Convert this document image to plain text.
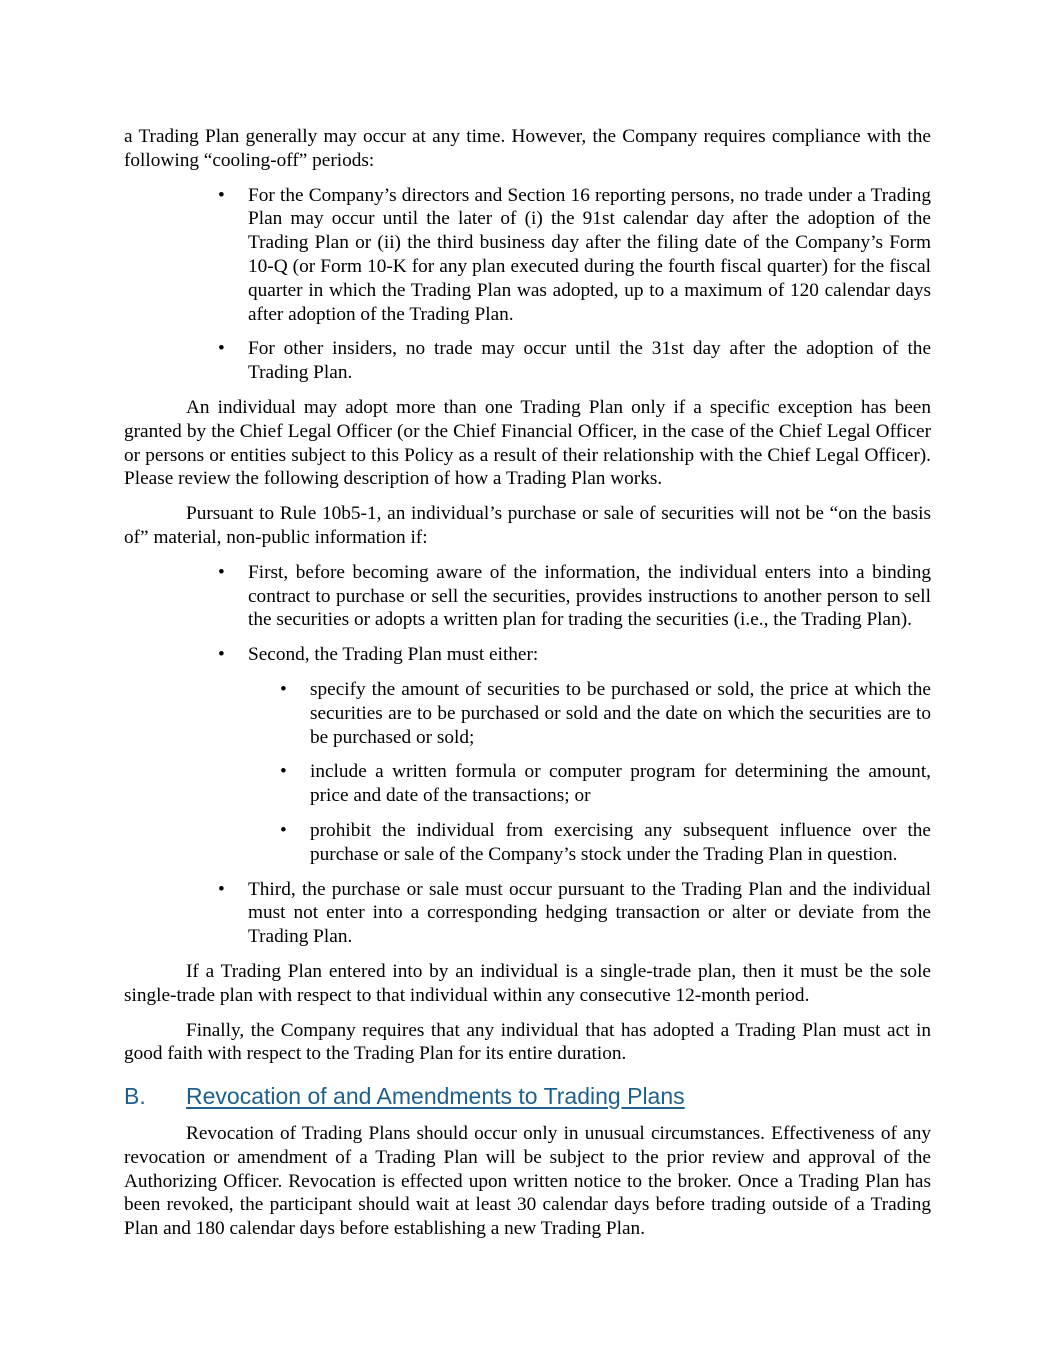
a Trading Plan generally may occur at any time. However, the Company requires compliance with the following “cooling-off” periods:

• For the Company’s directors and Section 16 reporting persons, no trade under a Trading Plan may occur until the later of (i) the 91st calendar day after the adoption of the Trading Plan or (ii) the third business day after the filing date of the Company’s Form 10-Q (or Form 10-K for any plan executed during the fourth fiscal quarter) for the fiscal quarter in which the Trading Plan was adopted, up to a maximum of 120 calendar days after adoption of the Trading Plan.
• For other insiders, no trade may occur until the 31st day after the adoption of the Trading Plan.

An individual may adopt more than one Trading Plan only if a specific exception has been granted by the Chief Legal Officer (or the Chief Financial Officer, in the case of the Chief Legal Officer or persons or entities subject to this Policy as a result of their relationship with the Chief Legal Officer). Please review the following description of how a Trading Plan works.

Pursuant to Rule 10b5-1, an individual’s purchase or sale of securities will not be “on the basis of” material, non-public information if:

• First, before becoming aware of the information, the individual enters into a binding contract to purchase or sell the securities, provides instructions to another person to sell the securities or adopts a written plan for trading the securities (i.e., the Trading Plan).
• Second, the Trading Plan must either:
• specify the amount of securities to be purchased or sold, the price at which the securities are to be purchased or sold and the date on which the securities are to be purchased or sold;
• include a written formula or computer program for determining the amount, price and date of the transactions; or
• prohibit the individual from exercising any subsequent influence over the purchase or sale of the Company’s stock under the Trading Plan in question.
• Third, the purchase or sale must occur pursuant to the Trading Plan and the individual must not enter into a corresponding hedging transaction or alter or deviate from the Trading Plan.

If a Trading Plan entered into by an individual is a single-trade plan, then it must be the sole single-trade plan with respect to that individual within any consecutive 12-month period.

Finally, the Company requires that any individual that has adopted a Trading Plan must act in good faith with respect to the Trading Plan for its entire duration.

B. Revocation of and Amendments to Trading Plans

Revocation of Trading Plans should occur only in unusual circumstances. Effectiveness of any revocation or amendment of a Trading Plan will be subject to the prior review and approval of the Authorizing Officer. Revocation is effected upon written notice to the broker. Once a Trading Plan has been revoked, the participant should wait at least 30 calendar days before trading outside of a Trading Plan and 180 calendar days before establishing a new Trading Plan.
